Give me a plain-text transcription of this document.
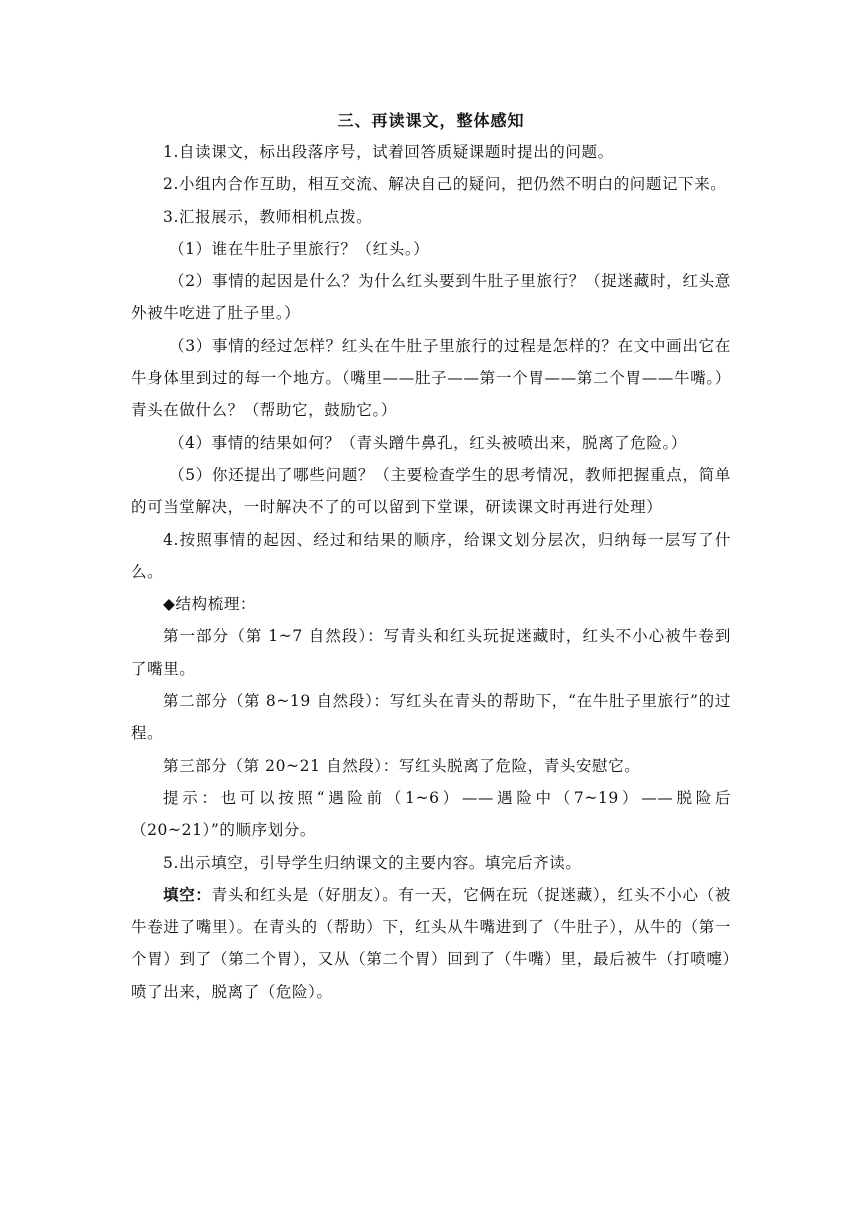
三、再读课文，整体感知

1.自读课文，标出段落序号，试着回答质疑课题时提出的问题。

2.小组内合作互助，相互交流、解决自己的疑问，把仍然不明白的问题记下来。

3.汇报展示，教师相机点拨。

（1）谁在牛肚子里旅行？（红头。）

（2）事情的起因是什么？为什么红头要到牛肚子里旅行？（捉迷藏时，红头意外被牛吃进了肚子里。）

（3）事情的经过怎样？红头在牛肚子里旅行的过程是怎样的？在文中画出它在牛身体里到过的每一个地方。（嘴里——肚子——第一个胃——第二个胃——牛嘴。）青头在做什么？（帮助它，鼓励它。）

（4）事情的结果如何？（青头蹭牛鼻孔，红头被喷出来，脱离了危险。）

（5）你还提出了哪些问题？（主要检查学生的思考情况，教师把握重点，简单的可当堂解决，一时解决不了的可以留到下堂课，研读课文时再进行处理）

4.按照事情的起因、经过和结果的顺序，给课文划分层次，归纳每一层写了什么。

◆结构梳理：

第一部分（第 1~7 自然段）：写青头和红头玩捉迷藏时，红头不小心被牛卷到了嘴里。

第二部分（第 8~19 自然段）：写红头在青头的帮助下，“在牛肚子里旅行”的过程。

第三部分（第 20~21 自然段）：写红头脱离了危险，青头安慰它。

提示：也可以按照“遇险前（1~6）——遇险中（7~19）——脱险后（20~21）”的顺序划分。

5.出示填空，引导学生归纳课文的主要内容。填完后齐读。

填空：青头和红头是（好朋友）。有一天，它俩在玩（捉迷藏），红头不小心（被牛卷进了嘴里）。在青头的（帮助）下，红头从牛嘴进到了（牛肚子），从牛的（第一个胃）到了（第二个胃），又从（第二个胃）回到了（牛嘴）里，最后被牛（打喷嚏）喷了出来，脱离了（危险）。
